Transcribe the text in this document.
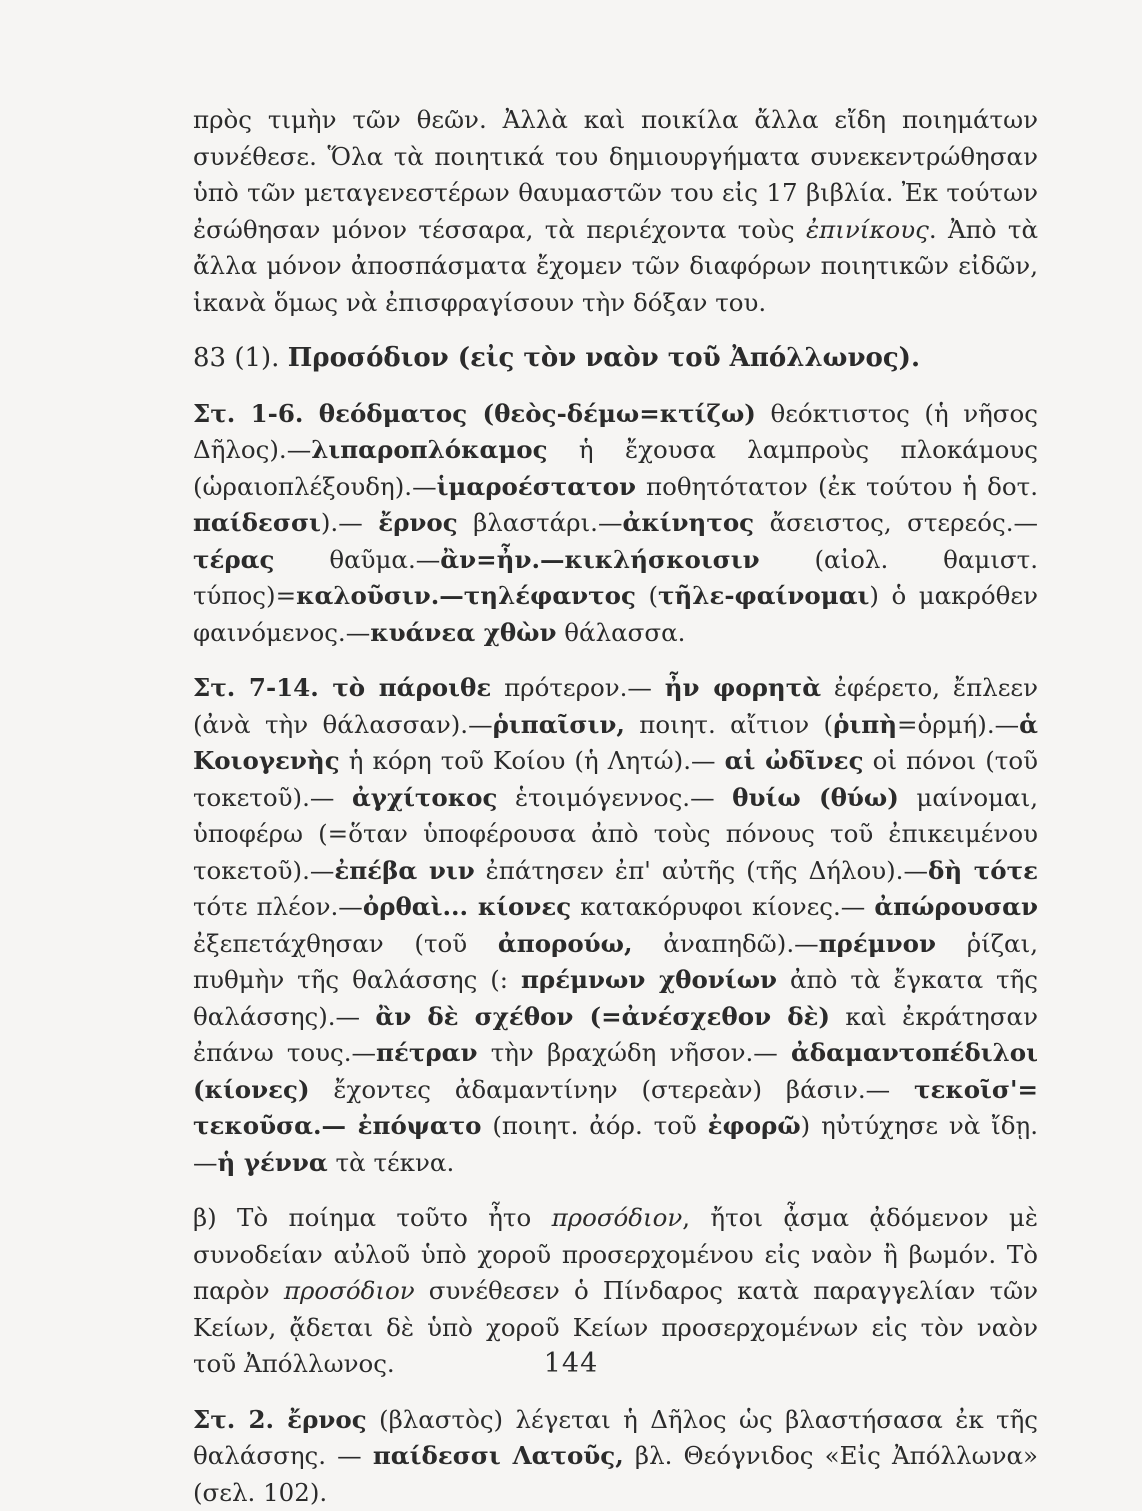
πρὸς τιμὴν τῶν θεῶν. Ἀλλὰ καὶ ποικίλα ἄλλα εἴδη ποιημάτων συνέθεσε. Ὅλα τὰ ποιητικά του δημιουργήματα συνεκεντρώθησαν ὑπὸ τῶν μεταγενεστέρων θαυμαστῶν του εἰς 17 βιβλία. Ἐκ τούτων ἐσώθησαν μόνον τέσσαρα, τὰ περιέχοντα τοὺς ἐπινίκους. Ἀπὸ τὰ ἄλλα μόνον ἀποσπάσματα ἔχομεν τῶν διαφόρων ποιητικῶν εἰδῶν, ἱκανὰ ὅμως νὰ ἐπισφραγίσουν τὴν δόξαν του.

83 (1). Προσόδιον (εἰς τὸν ναὸν τοῦ Ἀπόλλωνος).

Στ. 1-6. θεόδματος (θεὸς-δέμω=κτίζω) θεόκτιστος (ἡ νῆσος Δῆλος).—λιπαροπλόκαμος ἡ ἔχουσα λαμπροὺς πλοκάμους (ὡραιοπλέξουδη).—ἱμαροέστατον ποθητότατον (ἐκ τούτου ἡ δοτ. παίδεσσι).— ἔρνος βλαστάρι.—ἀκίνητος ἄσειστος, στερεός.—τέρας θαῦμα.—ἂν=ἦν.—κικλήσκοισιν (αἰολ. θαμιστ. τύπος)=καλοῦσιν.—τηλέφαντος (τῆλε-φαίνομαι) ὁ μακρόθεν φαινόμενος.—κυάνεα χθὼν θάλασσα.

Στ. 7-14. τὸ πάροιθε πρότερον.— ἦν φορητὰ ἐφέρετο, ἔπλεεν (ἀνὰ τὴν θάλασσαν).—ῥιπαῖσιν, ποιητ. αἴτιον (ῥιπὴ=ὁρμή).—ἁ Κοιογενὴς ἡ κόρη τοῦ Κοίου (ἡ Λητώ).— αἱ ὠδῖνες οἱ πόνοι (τοῦ τοκετοῦ).— ἀγχίτοκος ἑτοιμόγεννος.— θυίω (θύω) μαίνομαι, ὑποφέρω (=ὅταν ὑποφέρουσα ἀπὸ τοὺς πόνους τοῦ ἐπικειμένου τοκετοῦ).—ἐπέβα νιν ἐπάτησεν ἐπ' αὐτῆς (τῆς Δήλου).—δὴ τότε τότε πλέον.—ὀρθαὶ... κίονες κατακόρυφοι κίονες.— ἀπώρουσαν ἐξεπετάχθησαν (τοῦ ἀπορούω, ἀναπηδῶ).—πρέμνον ῥίζαι, πυθμὴν τῆς θαλάσσης (: πρέμνων χθονίων ἀπὸ τὰ ἔγκατα τῆς θαλάσσης).— ἂν δὲ σχέθον (=ἀνέσχεθον δὲ) καὶ ἐκράτησαν ἐπάνω τους.—πέτραν τὴν βραχώδη νῆσον.— ἀδαμαντοπέδιλοι (κίονες) ἔχοντες ἀδαμαντίνην (στερεὰν) βάσιν.— τεκοῖσ'= τεκοῦσα.— ἐπόψατο (ποιητ. ἀόρ. τοῦ ἐφορῶ) ηὐτύχησε νὰ ἴδῃ.—ἡ γέννα τὰ τέκνα.

β) Τὸ ποίημα τοῦτο ἦτο προσόδιον, ἤτοι ᾆσμα ᾀδόμενον μὲ συνοδείαν αὐλοῦ ὑπὸ χοροῦ προσερχομένου εἰς ναὸν ἢ βωμόν. Τὸ παρὸν προσόδιον συνέθεσεν ὁ Πίνδαρος κατὰ παραγγελίαν τῶν Κείων, ᾄδεται δὲ ὑπὸ χοροῦ Κείων προσερχομένων εἰς τὸν ναὸν τοῦ Ἀπόλλωνος.

Στ. 2. ἔρνος (βλαστὸς) λέγεται ἡ Δῆλος ὡς βλαστήσασα ἐκ τῆς θαλάσσης. — παίδεσσι Λατοῦς, βλ. Θεόγνιδος «Εἰς Ἀπόλλωνα» (σελ. 102).

144
